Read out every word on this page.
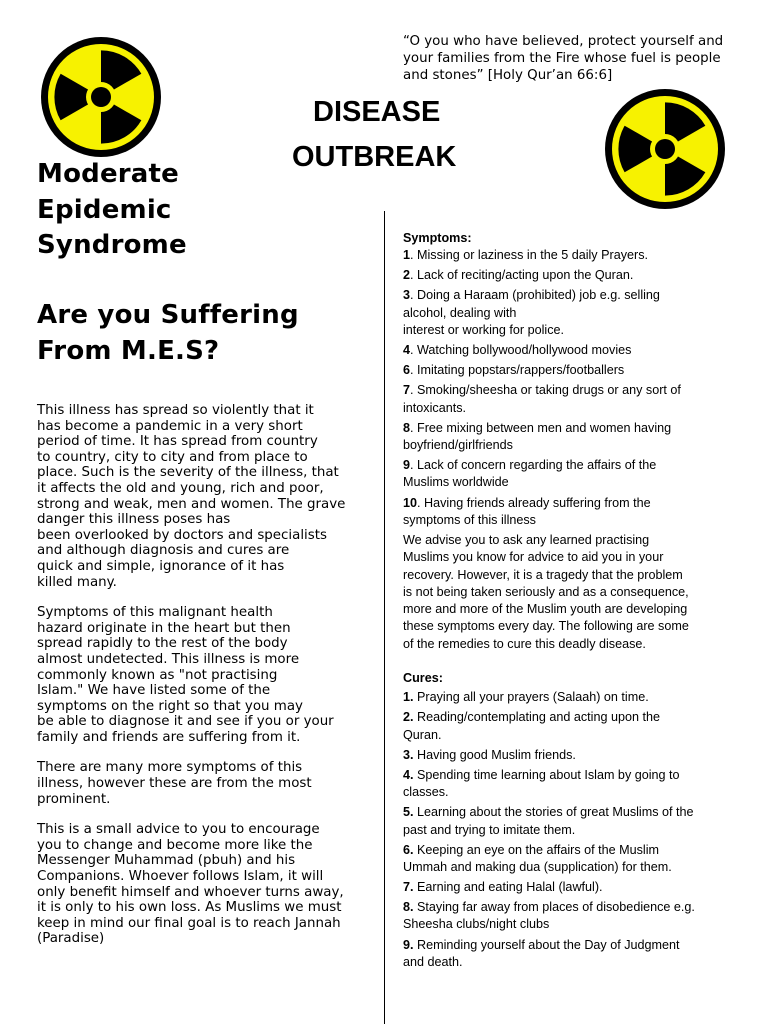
“O you who have believed, protect yourself and your families from the Fire whose fuel is people and stones” [Holy Qur’an 66:6]
DISEASE
OUTBREAK
Moderate
Epidemic
Syndrome
Are you Suffering
From M.E.S?

This illness has spread so violently that it
has become a pandemic in a very short
period of time. It has spread from country
to country, city to city and from place to
place. Such is the severity of the illness, that
it affects the old and young, rich and poor,
strong and weak, men and women. The grave
danger this illness poses has
been overlooked by doctors and specialists
and although diagnosis and cures are
quick and simple, ignorance of it has
killed many.

Symptoms of this malignant health
hazard originate in the heart but then
spread rapidly to the rest of the body
almost undetected. This illness is more
commonly known as "not practising
Islam." We have listed some of the
symptoms on the right so that you may
be able to diagnose it and see if you or your
family and friends are suffering from it.

There are many more symptoms of this
illness, however these are from the most
prominent.

This is a small advice to you to encourage
you to change and become more like the
Messenger Muhammad (pbuh) and his
Companions. Whoever follows Islam, it will
only benefit himself and whoever turns away,
it is only to his own loss. As Muslims we must
keep in mind our final goal is to reach Jannah
(Paradise)

Symptoms:
1. Missing or laziness in the 5 daily Prayers.
2. Lack of reciting/acting upon the Quran.
3. Doing a Haraam (prohibited) job e.g. selling
alcohol, dealing with
interest or working for police.
4. Watching bollywood/hollywood movies
6. Imitating popstars/rappers/footballers
7. Smoking/sheesha or taking drugs or any sort of
intoxicants.
8. Free mixing between men and women having
boyfriend/girlfriends
9. Lack of concern regarding the affairs of the
Muslims worldwide
10. Having friends already suffering from the
symptoms of this illness
We advise you to ask any learned practising
Muslims you know for advice to aid you in your
recovery. However, it is a tragedy that the problem
is not being taken seriously and as a consequence,
more and more of the Muslim youth are developing
these symptoms every day. The following are some
of the remedies to cure this deadly disease.
Cures:
1. Praying all your prayers (Salaah) on time.
2. Reading/contemplating and acting upon the
Quran.
3. Having good Muslim friends.
4. Spending time learning about Islam by going to
classes.
5. Learning about the stories of great Muslims of the
past and trying to imitate them.
6. Keeping an eye on the affairs of the Muslim
Ummah and making dua (supplication) for them.
7. Earning and eating Halal (lawful).
8. Staying far away from places of disobedience e.g.
Sheesha clubs/night clubs
9. Reminding yourself about the Day of Judgment
and death.
